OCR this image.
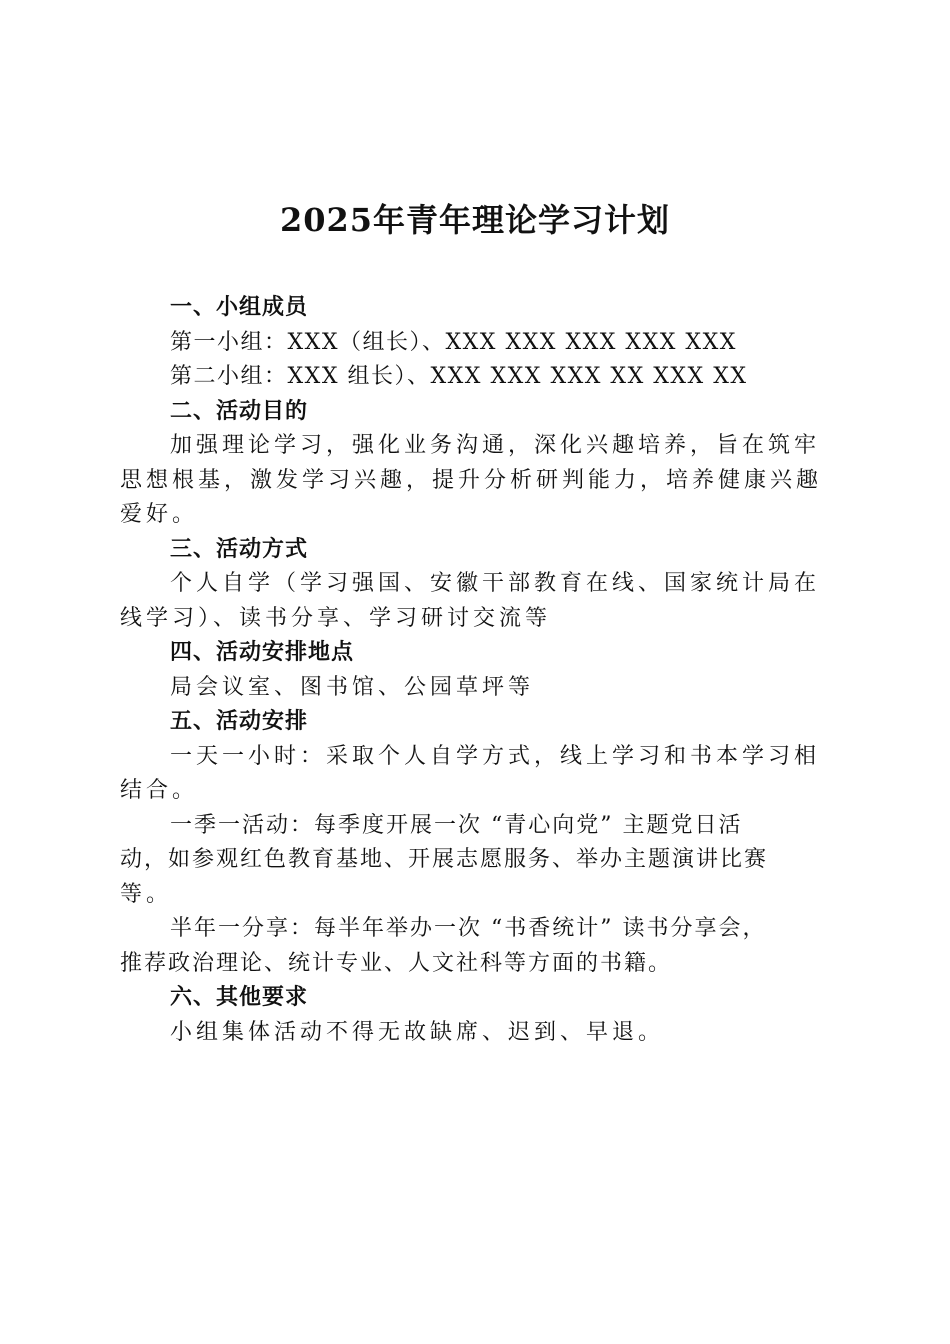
2025年青年理论学习计划
一、小组成员
第一小组：XXX（组长）、XXX XXX XXX XXX XXX
第二小组：XXX 组长）、XXX XXX XXX XX XXX XX
二、活动目的
加强理论学习，强化业务沟通，深化兴趣培养，旨在筑牢
思想根基，激发学习兴趣，提升分析研判能力，培养健康兴趣
爱好。
三、活动方式
个人自学（学习强国、安徽干部教育在线、国家统计局在
线学习）、读书分享、学习研讨交流等
四、活动安排地点
局会议室、图书馆、公园草坪等
五、活动安排
一天一小时：采取个人自学方式，线上学习和书本学习相
结合。
一季一活动：每季度开展一次 “青心向党” 主题党日活
动，如参观红色教育基地、开展志愿服务、举办主题演讲比赛
等。
半年一分享：每半年举办一次 “书香统计” 读书分享会，
推荐政治理论、统计专业、人文社科等方面的书籍。
六、其他要求
小组集体活动不得无故缺席、迟到、早退。
